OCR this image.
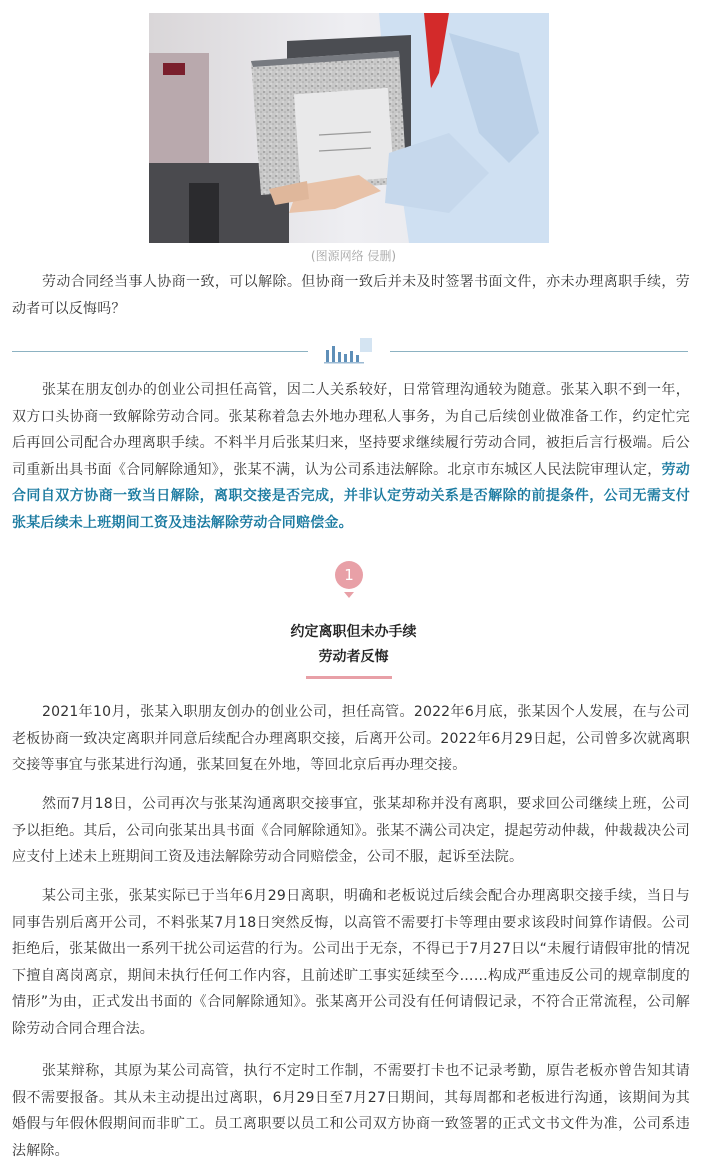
(图源网络 侵删)

劳动合同经当事人协商一致，可以解除。但协商一致后并未及时签署书面文件，亦未办理离职手续，劳动者可以反悔吗？

张某在朋友创办的创业公司担任高管，因二人关系较好，日常管理沟通较为随意。张某入职不到一年，双方口头协商一致解除劳动合同。张某称着急去外地办理私人事务，为自己后续创业做准备工作，约定忙完后再回公司配合办理离职手续。不料半月后张某归来，坚持要求继续履行劳动合同，被拒后言行极端。后公司重新出具书面《合同解除通知》，张某不满，认为公司系违法解除。北京市东城区人民法院审理认定，劳动合同自双方协商一致当日解除，离职交接是否完成，并非认定劳动关系是否解除的前提条件，公司无需支付张某后续未上班期间工资及违法解除劳动合同赔偿金。

1
约定离职但未办手续
劳动者反悔

2021年10月，张某入职朋友创办的创业公司，担任高管。2022年6月底，张某因个人发展，在与公司老板协商一致决定离职并同意后续配合办理离职交接，后离开公司。2022年6月29日起，公司曾多次就离职交接等事宜与张某进行沟通，张某回复在外地，等回北京后再办理交接。

然而7月18日，公司再次与张某沟通离职交接事宜，张某却称并没有离职，要求回公司继续上班，公司予以拒绝。其后，公司向张某出具书面《合同解除通知》。张某不满公司决定，提起劳动仲裁，仲裁裁决公司应支付上述未上班期间工资及违法解除劳动合同赔偿金，公司不服，起诉至法院。

某公司主张，张某实际已于当年6月29日离职，明确和老板说过后续会配合办理离职交接手续，当日与同事告别后离开公司，不料张某7月18日突然反悔，以高管不需要打卡等理由要求该段时间算作请假。公司拒绝后，张某做出一系列干扰公司运营的行为。公司出于无奈，不得已于7月27日以“未履行请假审批的情况下擅自离岗离京，期间未执行任何工作内容，且前述旷工事实延续至今……构成严重违反公司的规章制度的情形”为由，正式发出书面的《合同解除通知》。张某离开公司没有任何请假记录，不符合正常流程，公司解除劳动合同合理合法。

张某辩称，其原为某公司高管，执行不定时工作制，不需要打卡也不记录考勤，原告老板亦曾告知其请假不需要报备。其从未主动提出过离职，6月29日至7月27日期间，其每周都和老板进行沟通，该期间为其婚假与年假休假期间而非旷工。员工离职要以员工和公司双方协商一致签署的正式文书文件为准，公司系违法解除。
